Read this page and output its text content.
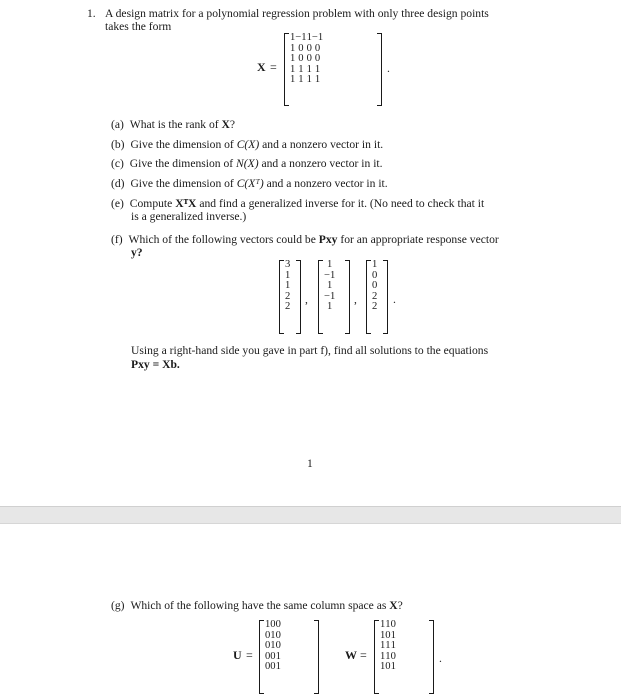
1. A design matrix for a polynomial regression problem with only three design points
takes the form
X =
1	−1	1	−1
1	0	0	0
1	0	0	0
1	1	1	1
1	1	1	1
.
(a) What is the rank of X?
(b) Give the dimension of C(X) and a nonzero vector in it.
(c) Give the dimension of N(X) and a nonzero vector in it.
(d) Give the dimension of C(Xᵀ) and a nonzero vector in it.
(e) Compute XᵀX and find a generalized inverse for it. (No need to check that it
is a generalized inverse.)
(f) Which of the following vectors could be Pxy for an appropriate response vector
y?
3
1
1
2
2
,
1
−1
1
−1
1
,
1
0
0
2
2
.
Using a right-hand side you gave in part f), find all solutions to the equations
Pxy = Xb.
1
(g) Which of the following have the same column space as X?
U =
1	0	0
0	1	0
0	1	0
0	0	1
0	0	1
W =
1	1	0
1	0	1
1	1	1
1	1	0
1	0	1
.
